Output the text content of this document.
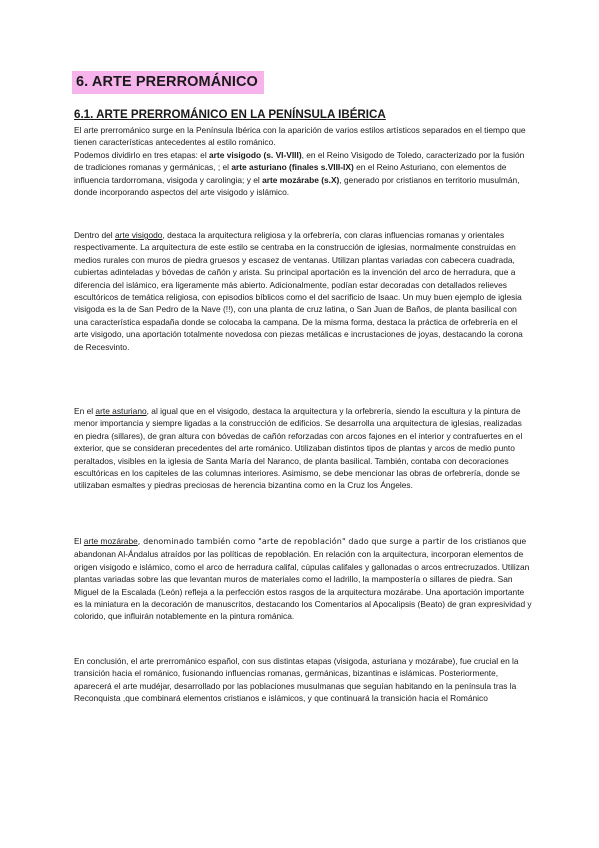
6. ARTE PRERROMÁNICO
6.1. ARTE PRERROMÁNICO EN LA PENÍNSULA IBÉRICA
El arte prerrománico surge en la Península Ibérica con la aparición de varios estilos artísticos separados en el tiempo que tienen características antecedentes al estilo románico.
Podemos dividirlo en tres etapas: el arte visigodo (s. VI-VIII), en el Reino Visigodo de Toledo, caracterizado por la fusión de tradiciones romanas y germánicas, ; el arte asturiano (finales s.VIII-IX) en el Reino Asturiano, con elementos de influencia tardorromana, visigoda y carolingia; y el arte mozárabe (s.X), generado por cristianos en territorio musulmán, donde incorporando aspectos del arte visigodo y islámico.
Dentro del arte visigodo, destaca la arquitectura religiosa y la orfebrería, con claras influencias romanas y orientales respectivamente. La arquitectura de este estilo se centraba en la construcción de iglesias, normalmente construidas en medios rurales con muros de piedra gruesos y escasez de ventanas. Utilizan plantas variadas con cabecera cuadrada, cubiertas adinteladas y bóvedas de cañón y arista. Su principal aportación es la invención del arco de herradura, que a diferencia del islámico, era ligeramente más abierto. Adicionalmente, podían estar decoradas con detallados relieves escultóricos de temática religiosa, con episodios bíblicos como el del sacrificio de Isaac. Un muy buen ejemplo de iglesia visigoda es la de San Pedro de la Nave (!!), con una planta de cruz latina, o San Juan de Baños, de planta basilical con una característica espadaña donde se colocaba la campana. De la misma forma, destaca la práctica de orfebrería en el arte visigodo, una aportación totalmente novedosa con piezas metálicas e incrustaciones de joyas, destacando la corona de Recesvinto.
En el arte asturiano, al igual que en el visigodo, destaca la arquitectura y la orfebrería, siendo la escultura y la pintura de menor importancia y siempre ligadas a la construcción de edificios. Se desarrolla una arquitectura de iglesias, realizadas en piedra (sillares), de gran altura con bóvedas de cañón reforzadas con arcos fajones en el interior y contrafuertes en el exterior, que se consideran precedentes del arte románico. Utilizaban distintos tipos de plantas y arcos de medio punto peraltados, visibles en la iglesia de Santa María del Naranco, de planta basilical. También, contaba con decoraciones escultóricas en los capiteles de las columnas interiores. Asimismo, se debe mencionar las obras de orfebrería, donde se utilizaban esmaltes y piedras preciosas de herencia bizantina como en la Cruz los Ángeles.
El arte mozárabe, denominado también como "arte de repoblación" dado que surge a partir de los cristianos que abandonan Al-Ándalus atraídos por las políticas de repoblación. En relación con la arquitectura, incorporan elementos de origen visigodo e islámico, como el arco de herradura califal, cúpulas califales y gallonadas o arcos entrecruzados. Utilizan plantas variadas sobre las que levantan muros de materiales como el ladrillo, la mampostería o sillares de piedra. San Miguel de la Escalada (León) refleja a la perfección estos rasgos de la arquitectura mozárabe. Una aportación importante es la miniatura en la decoración de manuscritos, destacando los Comentarios al Apocalipsis (Beato) de gran expresividad y colorido, que influirán notablemente en la pintura románica.
En conclusión, el arte prerrománico español, con sus distintas etapas (visigoda, asturiana y mozárabe), fue crucial en la transición hacia el románico, fusionando influencias romanas, germánicas, bizantinas e islámicas. Posteriormente, aparecerá el arte mudéjar, desarrollado por las poblaciones musulmanas que seguían habitando en la península tras la Reconquista ,que combinará elementos cristianos e islámicos, y que continuará la transición hacia el Románico
